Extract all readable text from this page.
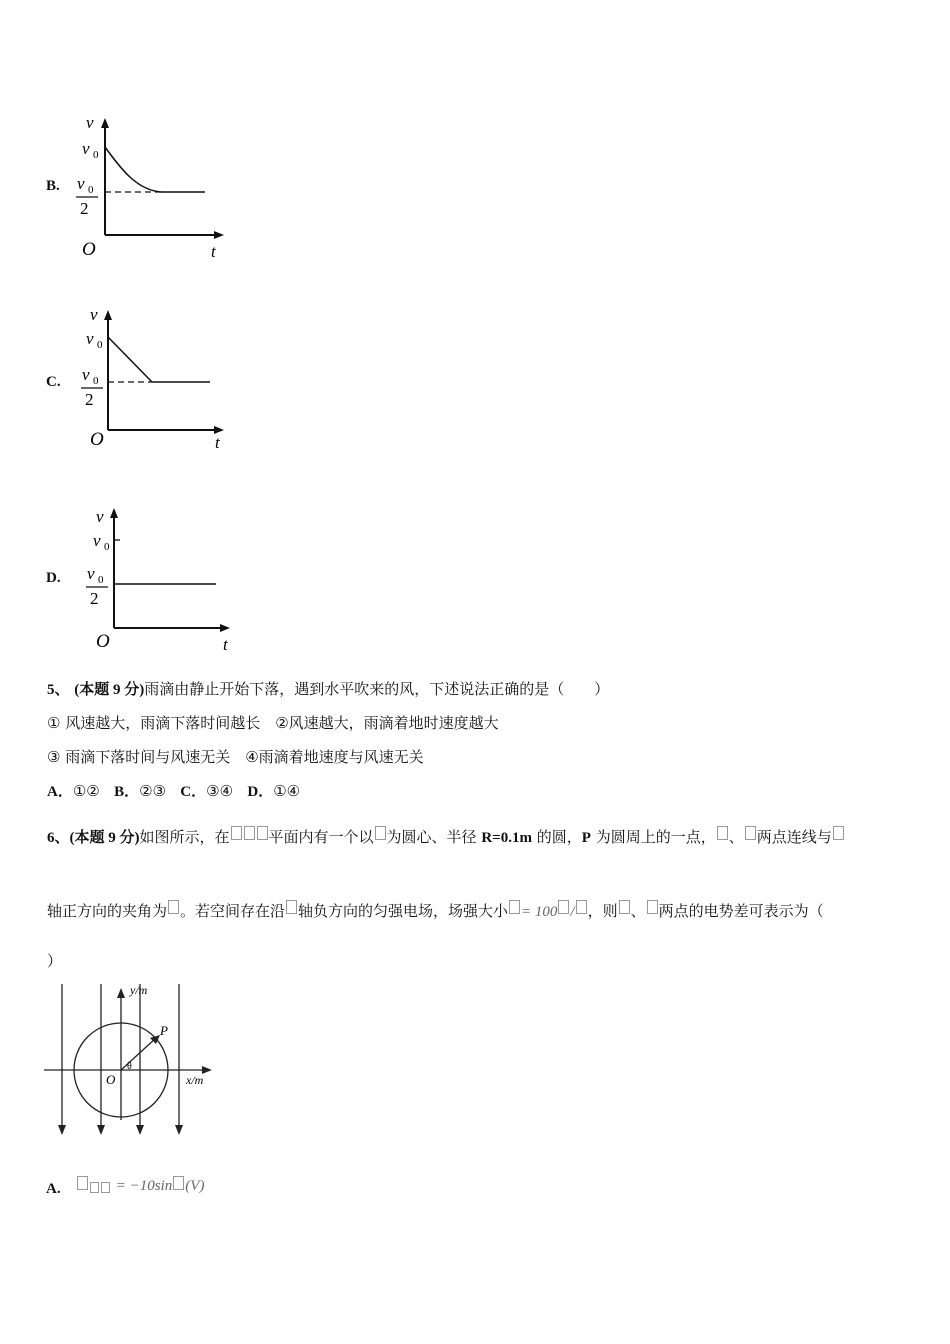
B.
v
v 0
v 0
2
O	t
C.
v
v 0
v 0
2
O	t
D.
v
v 0
v 0
2
O	t
5、 (本题 9 分)雨滴由静止开始下落，遇到水平吹来的风，下述说法正确的是（　　）
① 风速越大，雨滴下落时间越长　②风速越大，雨滴着地时速度越大
③ 雨滴下落时间与风速无关　④雨滴着地速度与风速无关
A．①② B．②③ C．③④ D．①④
6、(本题 9 分)如图所示，在	平面内有一个以 为圆心、半径 R=0.1m 的圆，P 为圆周上的一点， 、 两点连线与
轴正方向的夹角为 。若空间存在沿 轴负方向的匀强电场，场强大小 = 100 / ，则 、 两点的电势差可表示为（
）
y/m
x/m
O
P
θ
A.	= −10sin (V)
